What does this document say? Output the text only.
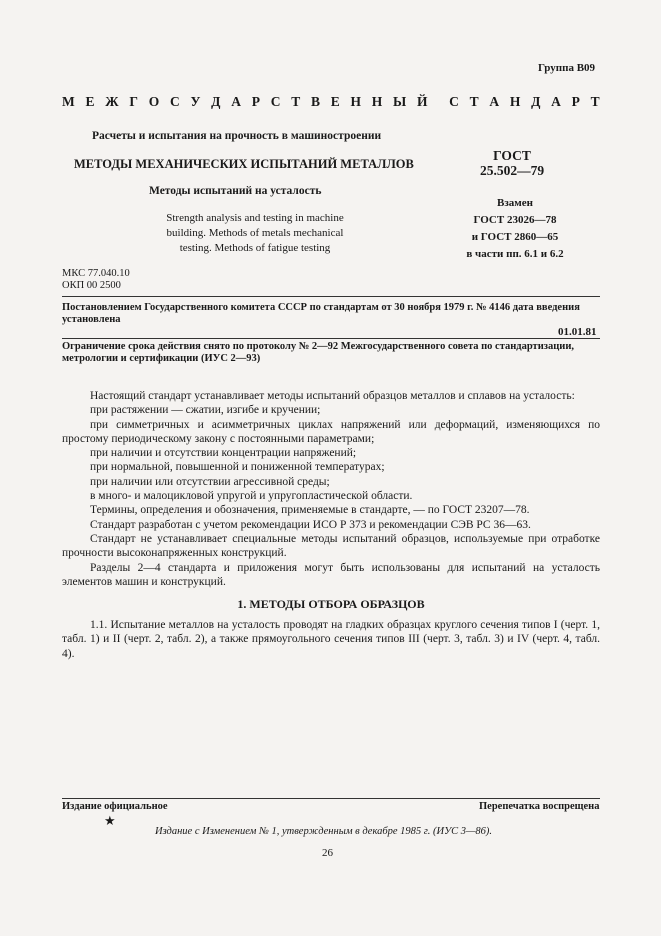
Группа В09
М Е Ж Г О С У Д А Р С Т В Е Н Н Ы Й С Т А Н Д А Р Т
Расчеты и испытания на прочность в машиностроении
МЕТОДЫ МЕХАНИЧЕСКИХ ИСПЫТАНИЙ МЕТАЛЛОВ
Методы испытаний на усталость
Strength analysis and testing in machine
building. Methods of metals mechanical
testing. Methods of fatigue testing
ГОСТ
25.502—79
Взамен
ГОСТ 23026—78
и ГОСТ 2860—65
в части пп. 6.1 и 6.2
МКС 77.040.10
ОКП 00 2500
Постановлением Государственного комитета СССР по стандартам от 30 ноября 1979 г. № 4146 дата введения установлена
01.01.81
Ограничение срока действия снято по протоколу № 2—92 Межгосударственного совета по стандартизации, метрологии и сертификации (ИУС 2—93)

Настоящий стандарт устанавливает методы испытаний образцов металлов и сплавов на усталость:

при растяжении — сжатии, изгибе и кручении;

при симметричных и асимметричных циклах напряжений или деформаций, изменяющихся по простому периодическому закону с постоянными параметрами;

при наличии и отсутствии концентрации напряжений;

при нормальной, повышенной и пониженной температурах;

при наличии или отсутствии агрессивной среды;

в много- и малоцикловой упругой и упругопластической области.

Термины, определения и обозначения, применяемые в стандарте, — по ГОСТ 23207—78.

Стандарт разработан с учетом рекомендации ИСО Р 373 и рекомендации СЭВ РС 36—63.

Стандарт не устанавливает специальные методы испытаний образцов, используемые при отработке прочности высоконапряженных конструкций.

Разделы 2—4 стандарта и приложения могут быть использованы для испытаний на усталость элементов машин и конструкций.

1. МЕТОДЫ ОТБОРА ОБРАЗЦОВ

1.1. Испытание металлов на усталость проводят на гладких образцах круглого сечения типов I (черт. 1, табл. 1) и II (черт. 2, табл. 2), а также прямоугольного сечения типов III (черт. 3, табл. 3) и IV (черт. 4, табл. 4).

Издание официальное	Перепечатка воспрещена
★
Издание с Изменением № 1, утвержденным в декабре 1985 г. (ИУС 3—86).
26
